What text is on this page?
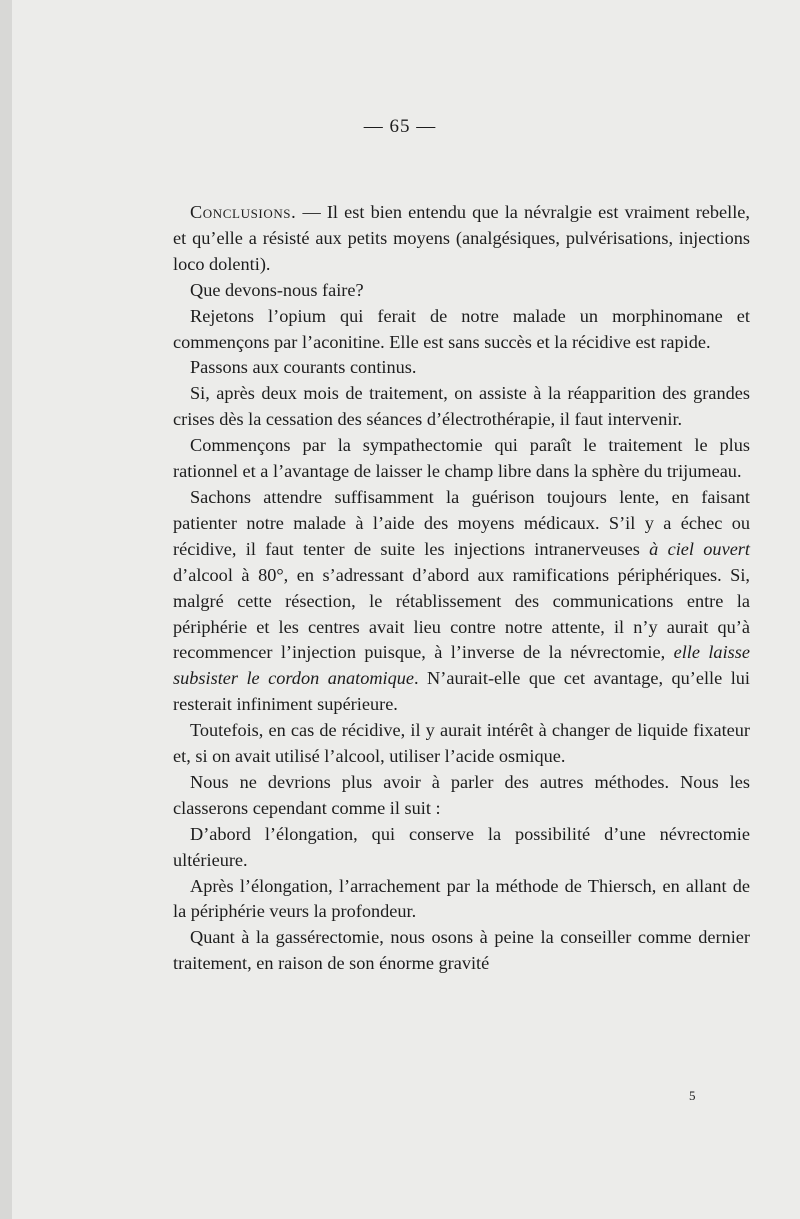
— 65 —

Conclusions. — Il est bien entendu que la névralgie est vraiment rebelle, et qu’elle a résisté aux petits moyens (analgésiques, pulvérisations, injections loco dolenti).

Que devons-nous faire?

Rejetons l’opium qui ferait de notre malade un morphinomane et commençons par l’aconitine. Elle est sans succès et la récidive est rapide.

Passons aux courants continus.

Si, après deux mois de traitement, on assiste à la réapparition des grandes crises dès la cessation des séances d’électrothérapie, il faut intervenir.

Commençons par la sympathectomie qui paraît le traitement le plus rationnel et a l’avantage de laisser le champ libre dans la sphère du trijumeau.

Sachons attendre suffisamment la guérison toujours lente, en faisant patienter notre malade à l’aide des moyens médicaux. S’il y a échec ou récidive, il faut tenter de suite les injections intranerveuses à ciel ouvert d’alcool à 80°, en s’adressant d’abord aux ramifications périphériques. Si, malgré cette résection, le rétablissement des communications entre la périphérie et les centres avait lieu contre notre attente, il n’y aurait qu’à recommencer l’injection puisque, à l’inverse de la névrectomie, elle laisse subsister le cordon anatomique. N’aurait-elle que cet avantage, qu’elle lui resterait infiniment supérieure.

Toutefois, en cas de récidive, il y aurait intérêt à changer de liquide fixateur et, si on avait utilisé l’alcool, utiliser l’acide osmique.

Nous ne devrions plus avoir à parler des autres méthodes. Nous les classerons cependant comme il suit :

D’abord l’élongation, qui conserve la possibilité d’une névrectomie ultérieure.

Après l’élongation, l’arrachement par la méthode de Thiersch, en allant de la périphérie veurs la profondeur.

Quant à la gassérectomie, nous osons à peine la conseiller comme dernier traitement, en raison de son énorme gravité

5
